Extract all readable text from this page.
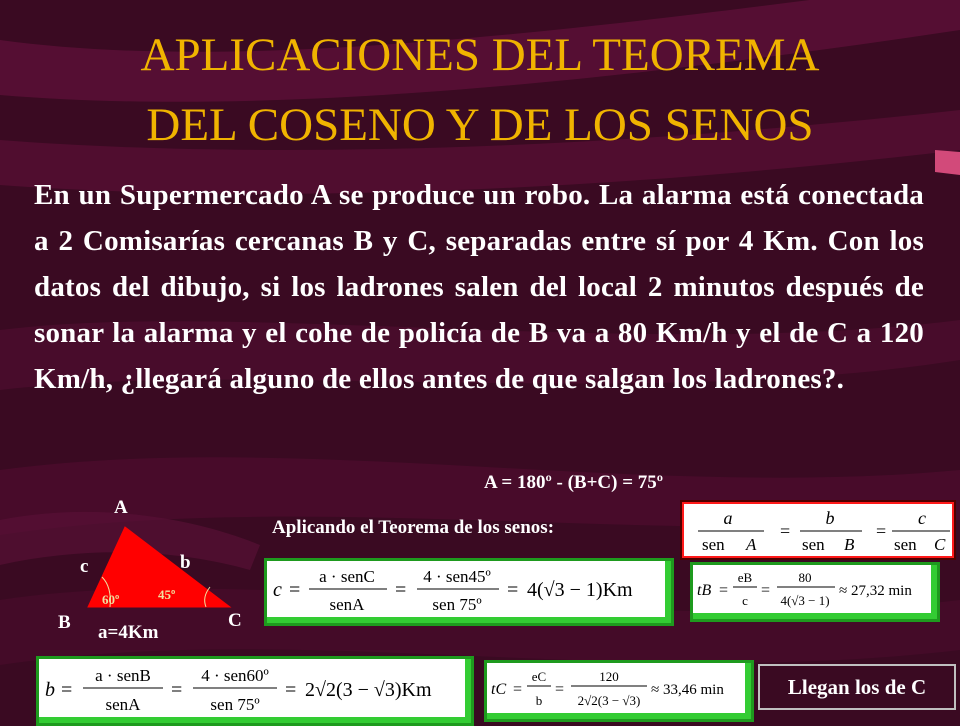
APLICACIONES DEL TEOREMA
DEL COSENO Y DE LOS SENOS
En un Supermercado A se produce un robo. La alarma está conectada a 2 Comisarías cercanas B y C, separadas entre sí por 4 Km. Con los datos del dibujo, si los ladrones salen del local 2 minutos después de sonar la alarma y el cohe de policía de B va a 80 Km/h y el de C a 120 Km/h, ¿llegará alguno de ellos antes de que salgan los ladrones?.
A
B	C
b
c
a=4Km
60º	45º
A = 180º - (B+C) = 75º
Aplicando el Teorema de los senos:	a
sen A
=
b
sen B
=
c
sen C
c =
a · senC
senA
=
4 · sen45º
sen 75º
= 4(√3 − 1)Km	tB =
eB
c
=
80
4(√3 − 1)
≈ 27,32 min
b =
a · senB
senA
=
4 · sen60º
sen 75º
= 2√2(3 − √3)Km	tC =
eC
b
=
120
2√2(3 − √3)
≈ 33,46 min	Llegan los de C
